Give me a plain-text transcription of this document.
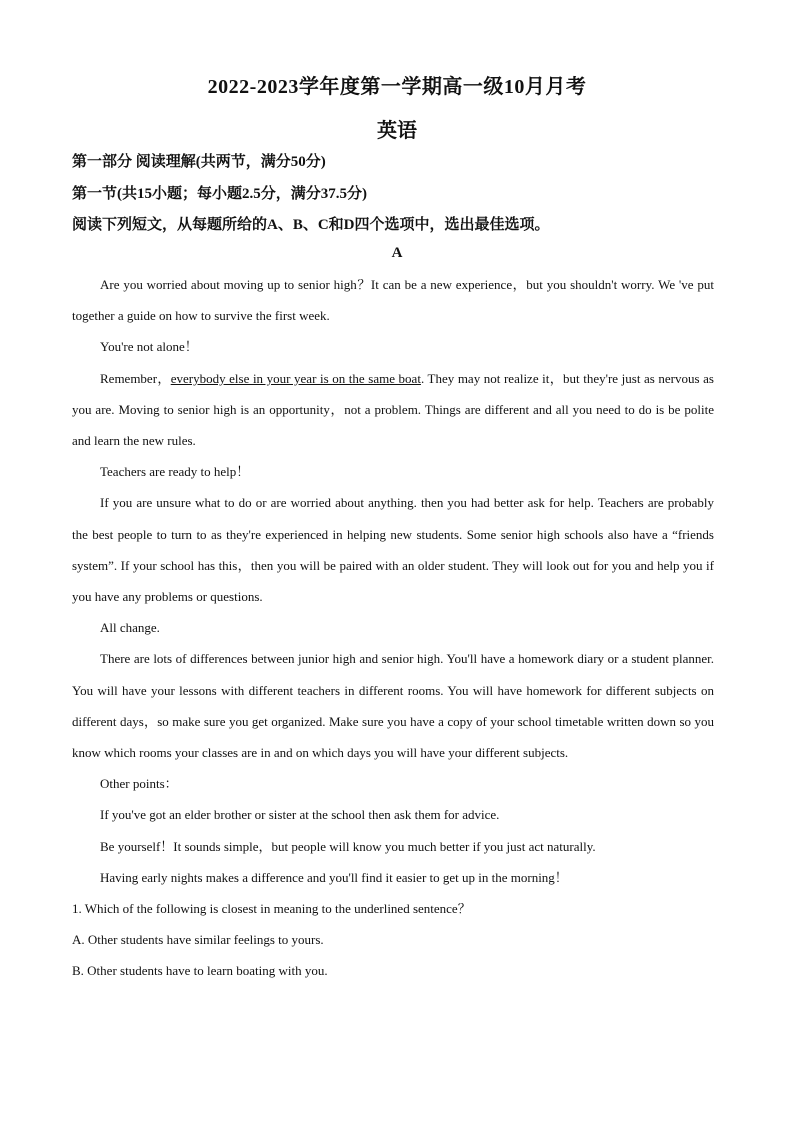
2022-2023学年度第一学期高一级10月月考
英语
第一部分 阅读理解(共两节，满分50分)
第一节(共15小题；每小题2.5分，满分37.5分)
阅读下列短文，从每题所给的A、B、C和D四个选项中，选出最佳选项。
A

Are you worried about moving up to senior high？It can be a new experience，but you shouldn't worry. We 've put together a guide on how to survive the first week.

You're not alone！

Remember，everybody else in your year is on the same boat. They may not realize it，but they're just as nervous as you are. Moving to senior high is an opportunity，not a problem. Things are different and all you need to do is be polite and learn the new rules.

Teachers are ready to help！

If you are unsure what to do or are worried about anything. then you had better ask for help. Teachers are probably the best people to turn to as they're experienced in helping new students. Some senior high schools also have a “friends system”. If your school has this，then you will be paired with an older student. They will look out for you and help you if you have any problems or questions.

All change.

There are lots of differences between junior high and senior high. You'll have a homework diary or a student planner. You will have your lessons with different teachers in different rooms. You will have homework for different subjects on different days，so make sure you get organized. Make sure you have a copy of your school timetable written down so you know which rooms your classes are in and on which days you will have your different subjects.

Other points：

If you've got an elder brother or sister at the school then ask them for advice.

Be yourself！It sounds simple，but people will know you much better if you just act naturally.

Having early nights makes a difference and you'll find it easier to get up in the morning！

1. Which of the following is closest in meaning to the underlined sentence？

A. Other students have similar feelings to yours.

B. Other students have to learn boating with you.
